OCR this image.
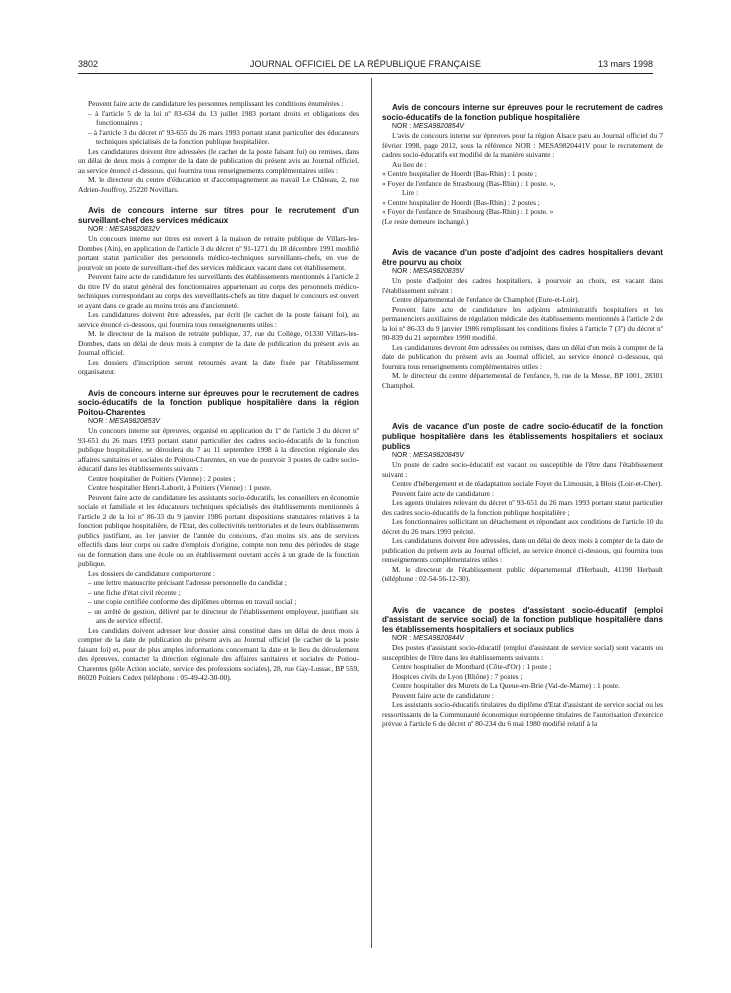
3802	JOURNAL OFFICIEL DE LA RÉPUBLIQUE FRANÇAISE	13 mars 1998

Peuvent faire acte de candidature les personnes remplissant les conditions énumérées :

– à l'article 5 de la loi nº 83-634 du 13 juillet 1983 portant droits et obligations des fonctionnaires ;

– à l'article 3 du décret nº 93-655 du 26 mars 1993 portant statut particulier des éducateurs techniques spécialisés de la fonction publique hospitalière.

Les candidatures doivent être adressées (le cachet de la poste faisant foi) ou remises, dans un délai de deux mois à compter de la date de publication du présent avis au Journal officiel, au service énoncé ci-dessous, qui fournira tous renseignements complémentaires utiles :

M. le directeur du centre d'éducation et d'accompagnement au travail Le Château, 2, rue Adrien-Jouffroy, 25220 Novillars.

Avis de concours interne sur titres pour le recrutement d'un surveillant-chef des services médicaux

NOR : MESA9820832V

Un concours interne sur titres est ouvert à la maison de retraite publique de Villars-les-Dombes (Ain), en application de l'article 3 du décret nº 91-1271 du 18 décembre 1991 modifié portant statut particulier des personnels médico-techniques surveillants-chefs, en vue de pourvoir un poste de surveillant-chef des services médicaux vacant dans cet établissement.

Peuvent faire acte de candidature les surveillants des établissements mentionnés à l'article 2 du titre IV du statut général des fonctionnaires appartenant au corps des personnels médico-techniques correspondant au corps des surveillants-chefs au titre duquel le concours est ouvert et ayant dans ce grade au moins trois ans d'ancienneté.

Les candidatures doivent être adressées, par écrit (le cachet de la poste faisant foi), au service énoncé ci-dessous, qui fournira tous renseignements utiles :

M. le directeur de la maison de retraite publique, 37, rue du Collège, 01330 Villars-les-Dombes, dans un délai de deux mois à compter de la date de publication du présent avis au Journal officiel.

Les dossiers d'inscription seront retournés avant la date fixée par l'établissement organisateur.

Avis de concours interne sur épreuves pour le recrutement de cadres socio-éducatifs de la fonction publique hospitalière dans la région Poitou-Charentes

NOR : MESA9820853V

Un concours interne sur épreuves, organisé en application du 1º de l'article 3 du décret nº 93-651 du 26 mars 1993 portant statut particulier des cadres socio-éducatifs de la fonction publique hospitalière, se déroulera du 7 au 11 septembre 1998 à la direction régionale des affaires sanitaires et sociales de Poitou-Charentes, en vue de pourvoir 3 postes de cadre socio-éducatif dans les établissements suivants :

Centre hospitalier de Poitiers (Vienne) : 2 postes ;

Centre hospitalier Henri-Laborit, à Poitiers (Vienne) : 1 poste.

Peuvent faire acte de candidature les assistants socio-éducatifs, les conseillers en économie sociale et familiale et les éducateurs techniques spécialisés des établissements mentionnés à l'article 2 de la loi nº 86-33 du 9 janvier 1986 portant dispositions statutaires relatives à la fonction publique hospitalière, de l'Etat, des collectivités territoriales et de leurs établissements publics justifiant, au 1er janvier de l'année du concours, d'au moins six ans de services effectifs dans leur corps ou cadre d'emplois d'origine, compte non tenu des périodes de stage ou de formation dans une école ou un établissement ouvrant accès à un grade de la fonction publique.

Les dossiers de candidature comporteront :

– une lettre manuscrite précisant l'adresse personnelle du candidat ;

– une fiche d'état civil récente ;

– une copie certifiée conforme des diplômes obtenus en travail social ;

– un arrêté de gestion, délivré par le directeur de l'établissement employeur, justifiant six ans de service effectif.

Les candidats doivent adresser leur dossier ainsi constitué dans un délai de deux mois à compter de la date de publication du présent avis au Journal officiel (le cachet de la poste faisant foi) et, pour de plus amples informations concernant la date et le lieu du déroulement des épreuves, contacter la direction régionale des affaires sanitaires et sociales de Poitou-Charentes (pôle Action sociale, service des professions sociales), 28, rue Gay-Lussac, BP 559, 86020 Poitiers Cedex (téléphone : 05-49-42-30-00).

Avis de concours interne sur épreuves pour le recrutement de cadres socio-éducatifs de la fonction publique hospitalière

NOR : MESA9820854V

L'avis de concours interne sur épreuves pour la région Alsace paru au Journal officiel du 7 février 1998, page 2012, sous la référence NOR : MESA9820441V pour le recrutement de cadres socio-éducatifs est modifié de la manière suivante :

Au lieu de :

« Centre hospitalier de Hoerdt (Bas-Rhin) : 1 poste ;

« Foyer de l'enfance de Strasbourg (Bas-Rhin) : 1 poste. »,

Lire :

« Centre hospitalier de Hoerdt (Bas-Rhin) : 2 postes ;

« Foyer de l'enfance de Strasbourg (Bas-Rhin) : 1 poste. »

(Le reste demeure inchangé.)

Avis de vacance d'un poste d'adjoint des cadres hospitaliers devant être pourvu au choix

NOR : MESA9820835V

Un poste d'adjoint des cadres hospitaliers, à pourvoir au choix, est vacant dans l'établissement suivant :

Centre départemental de l'enfance de Champhol (Eure-et-Loir).

Peuvent faire acte de candidature les adjoints administratifs hospitaliers et les permanenciers auxiliaires de régulation médicale des établissements mentionnés à l'article 2 de la loi nº 86-33 du 9 janvier 1986 remplissant les conditions fixées à l'article 7 (3º) du décret nº 90-839 du 21 septembre 1990 modifié.

Les candidatures devront être adressées ou remises, dans un délai d'un mois à compter de la date de publication du présent avis au Journal officiel, au service énoncé ci-dessous, qui fournira tous renseignements complémentaires utiles :

M. le directeur du centre départemental de l'enfance, 9, rue de la Messe, BP 1001, 28301 Champhol.

Avis de vacance d'un poste de cadre socio-éducatif de la fonction publique hospitalière dans les établissements hospitaliers et sociaux publics

NOR : MESA9820845V

Un poste de cadre socio-éducatif est vacant ou susceptible de l'être dans l'établissement suivant :

Centre d'hébergement et de réadaptation sociale Foyer du Limousin, à Blois (Loir-et-Cher).

Peuvent faire acte de candidature :

Les agents titulaires relevant du décret nº 93-651 du 26 mars 1993 portant statut particulier des cadres socio-éducatifs de la fonction publique hospitalière ;

Les fonctionnaires sollicitant un détachement et répondant aux conditions de l'article 10 du décret du 26 mars 1993 précité.

Les candidatures doivent être adressées, dans un délai de deux mois à compter de la date de publication du présent avis au Journal officiel, au service énoncé ci-dessous, qui fournira tous renseignements complémentaires utiles :

M. le directeur de l'établissement public départemental d'Herbault, 41190 Herbault (téléphone : 02-54-56-12-30).

Avis de vacance de postes d'assistant socio-éducatif (emploi d'assistant de service social) de la fonction publique hospitalière dans les établissements hospitaliers et sociaux publics

NOR : MESA9820844V

Des postes d'assistant socio-éducatif (emploi d'assistant de service social) sont vacants ou susceptibles de l'être dans les établissements suivants :

Centre hospitalier de Montbard (Côte-d'Or) : 1 poste ;

Hospices civils de Lyon (Rhône) : 7 postes ;

Centre hospitalier des Murets de La Queue-en-Brie (Val-de-Marne) : 1 poste.

Peuvent faire acte de candidature :

Les assistants socio-éducatifs titulaires du diplôme d'Etat d'assistant de service social ou les ressortissants de la Communauté économique européenne titulaires de l'autorisation d'exercice prévue à l'article 6 du décret nº 80-234 du 6 mai 1980 modifié relatif à la
